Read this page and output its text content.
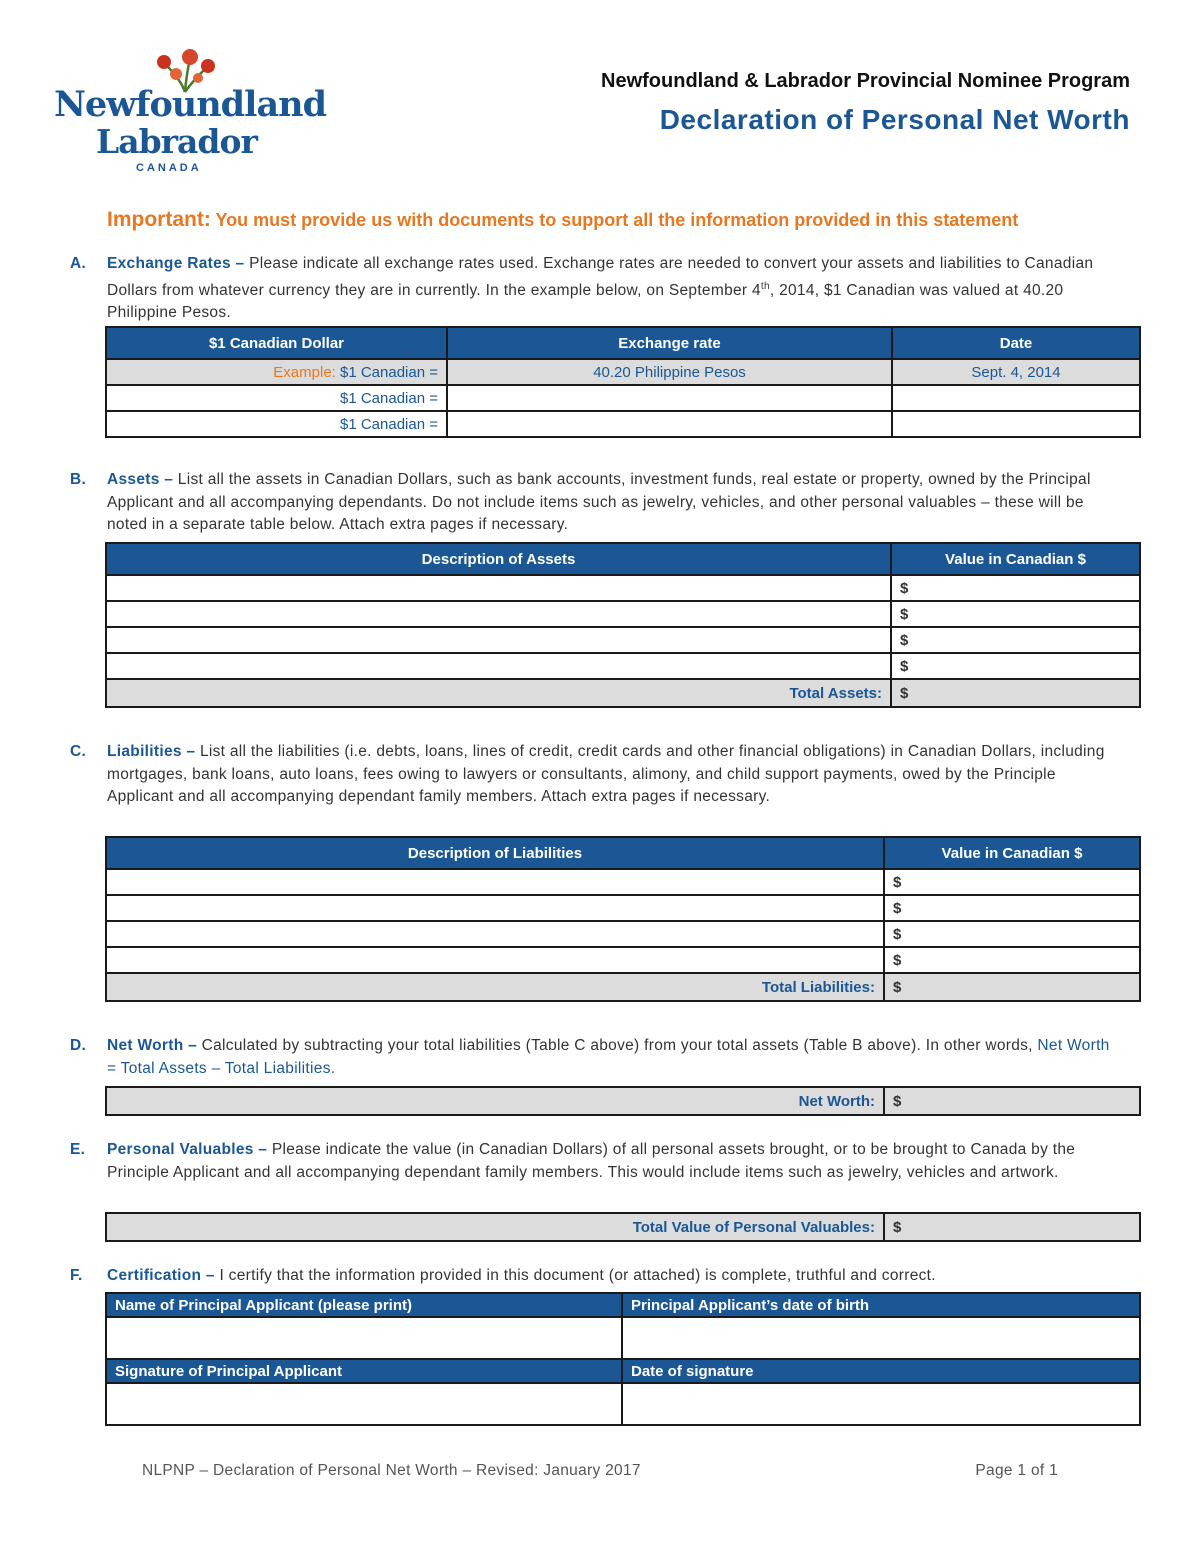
Newfoundland
Labrador
CANADA
Newfoundland & Labrador Provincial Nominee Program
Declaration of Personal Net Worth
Important: You must provide us with documents to support all the information provided in this statement
A. Exchange Rates – Please indicate all exchange rates used. Exchange rates are needed to convert your assets and liabilities to Canadian Dollars from whatever currency they are in currently. In the example below, on September 4th, 2014, $1 Canadian was valued at 40.20 Philippine Pesos.
$1 Canadian Dollar	Exchange rate	Date
Example: $1 Canadian =	40.20 Philippine Pesos	Sept. 4, 2014
$1 Canadian =		
$1 Canadian =		
B. Assets – List all the assets in Canadian Dollars, such as bank accounts, investment funds, real estate or property, owned by the Principal Applicant and all accompanying dependants. Do not include items such as jewelry, vehicles, and other personal valuables – these will be noted in a separate table below. Attach extra pages if necessary.
Description of Assets	Value in Canadian $
	$
	$
	$
	$
Total Assets:	$
C. Liabilities – List all the liabilities (i.e. debts, loans, lines of credit, credit cards and other financial obligations) in Canadian Dollars, including mortgages, bank loans, auto loans, fees owing to lawyers or consultants, alimony, and child support payments, owed by the Principle Applicant and all accompanying dependant family members. Attach extra pages if necessary.
Description of Liabilities	Value in Canadian $
	$
	$
	$
	$
Total Liabilities:	$
D. Net Worth – Calculated by subtracting your total liabilities (Table C above) from your total assets (Table B above). In other words, Net Worth = Total Assets – Total Liabilities.
Net Worth:	$
E. Personal Valuables – Please indicate the value (in Canadian Dollars) of all personal assets brought, or to be brought to Canada by the Principle Applicant and all accompanying dependant family members. This would include items such as jewelry, vehicles and artwork.
Total Value of Personal Valuables:	$
F. Certification – I certify that the information provided in this document (or attached) is complete, truthful and correct.
Name of Principal Applicant (please print)	Principal Applicant’s date of birth

Signature of Principal Applicant	Date of signature

NLPNP – Declaration of Personal Net Worth – Revised: January 2017	Page 1 of 1
